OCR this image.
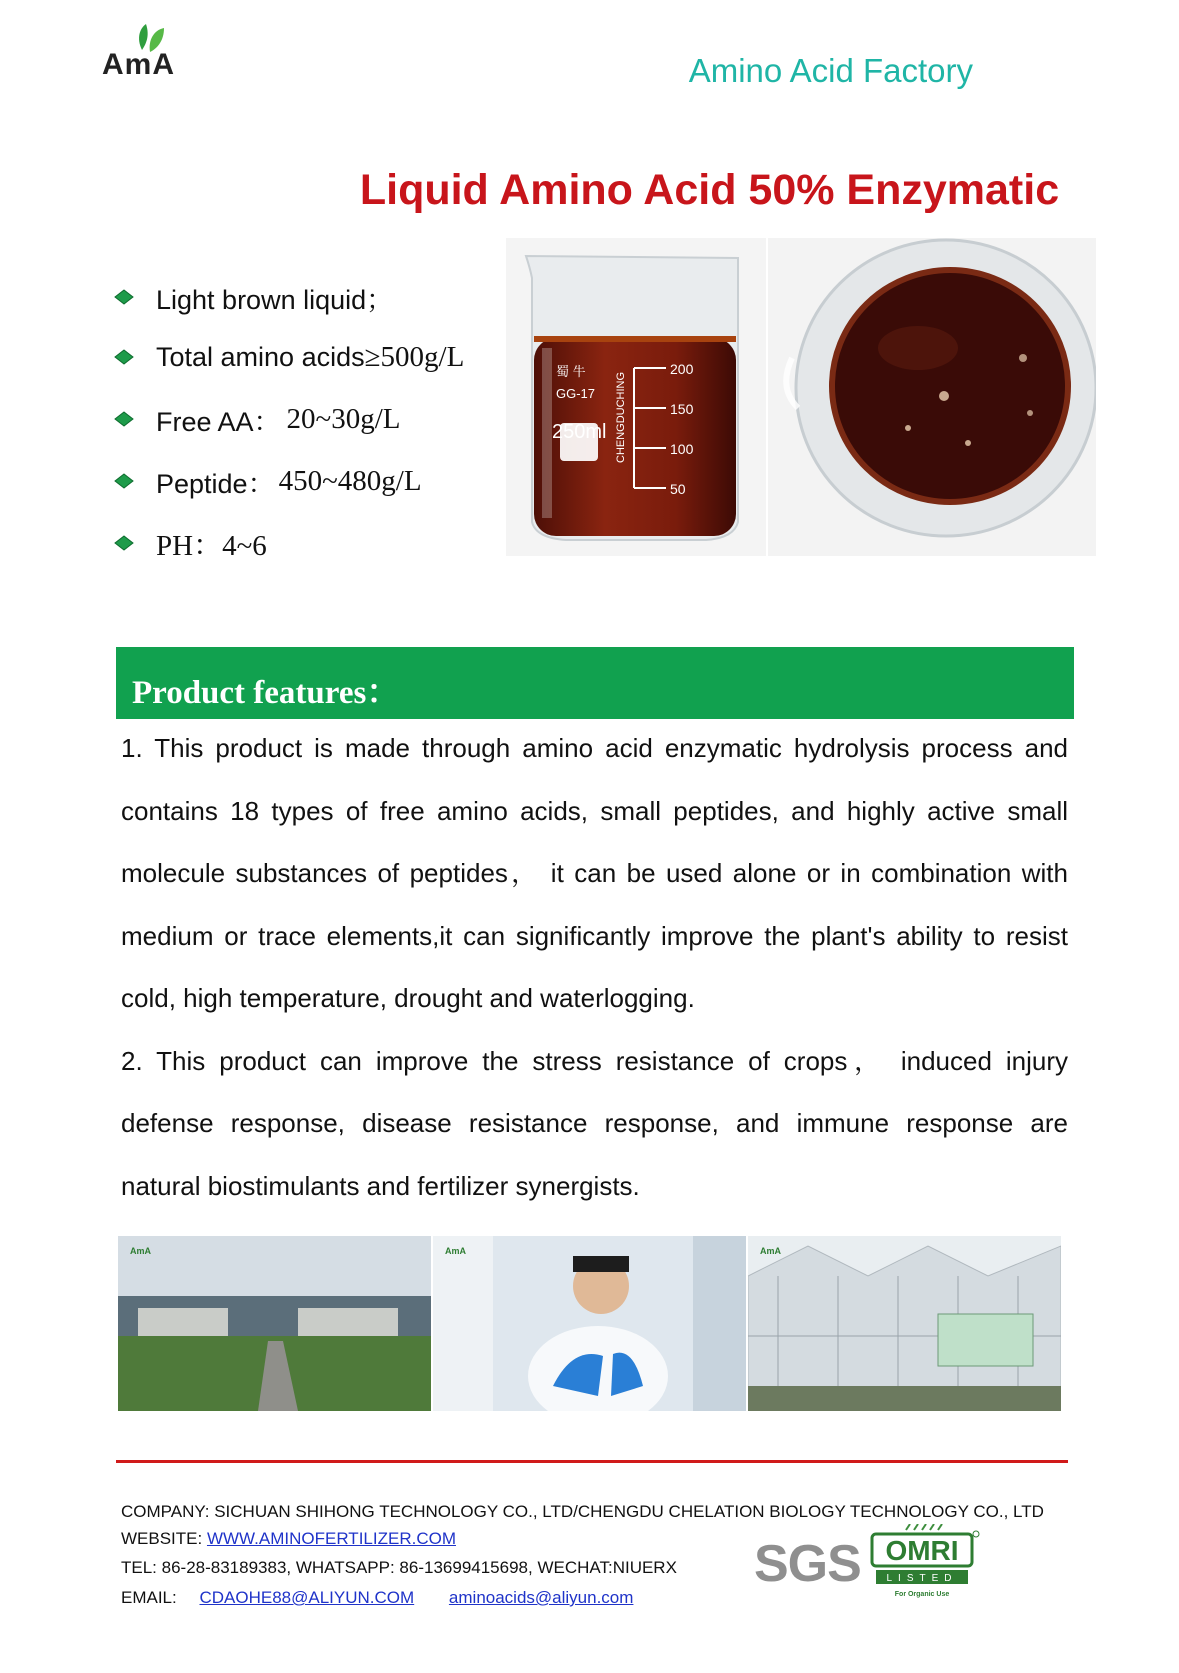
AmA	Amino Acid Factory
Liquid Amino Acid 50% Enzymatic
Light brown liquid；
Total amino acids ≥500g/L
Free AA： 20~30g/L
Peptide： 450~480g/L
PH：4~6
200
150
100
50
蜀 牛
GG-17
250ml CHENGDUCHING
Product features：

1. This product is made through amino acid enzymatic hydrolysis process and contains 18 types of free amino acids, small peptides, and highly active small molecule substances of peptides， it can be used alone or in combination with medium or trace elements,it can significantly improve the plant's ability to resist cold, high temperature, drought and waterlogging.

2. This product can improve the stress resistance of crops， induced injury defense response, disease resistance response, and immune response are natural biostimulants and fertilizer synergists.

AmA	AmA	AmA
COMPANY: SICHUAN SHIHONG TECHNOLOGY CO., LTD/CHENGDU CHELATION BIOLOGY TECHNOLOGY CO., LTD
WEBSITE: WWW.AMINOFERTILIZER.COM
TEL: 86-28-83189383, WHATSAPP: 86-13699415698, WECHAT:NIUERX
EMAIL: CDAOHE88@ALIYUN.COM aminoacids@aliyun.com
SGS OMRI
LISTED
For Organic Use
